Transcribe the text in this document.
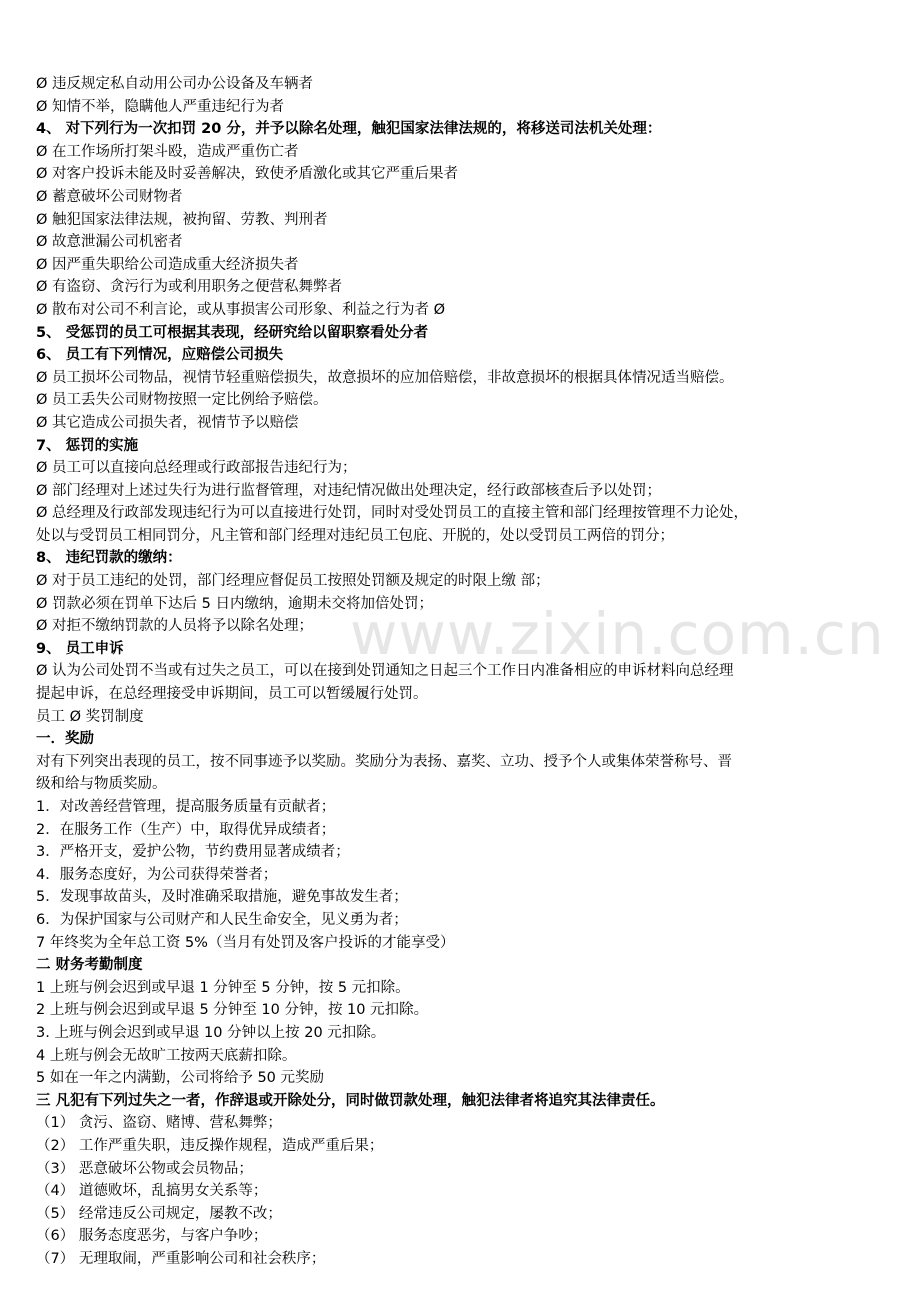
www.zixin.com.cn
Ø 违反规定私自动用公司办公设备及车辆者
Ø 知情不举，隐瞒他人严重违纪行为者
4、 对下列行为一次扣罚 20 分，并予以除名处理，触犯国家法律法规的，将移送司法机关处理：
Ø 在工作场所打架斗殴，造成严重伤亡者
Ø 对客户投诉未能及时妥善解决，致使矛盾激化或其它严重后果者
Ø 蓄意破坏公司财物者
Ø 触犯国家法律法规，被拘留、劳教、判刑者
Ø 故意泄漏公司机密者
Ø 因严重失职给公司造成重大经济损失者
Ø 有盗窃、贪污行为或利用职务之便营私舞弊者
Ø 散布对公司不利言论，或从事损害公司形象、利益之行为者 Ø
5、 受惩罚的员工可根据其表现，经研究给以留职察看处分者
6、 员工有下列情况，应赔偿公司损失
Ø 员工损坏公司物品，视情节轻重赔偿损失，故意损坏的应加倍赔偿，非故意损坏的根据具体情况适当赔偿。
Ø 员工丢失公司财物按照一定比例给予赔偿。
Ø 其它造成公司损失者，视情节予以赔偿
7、 惩罚的实施
Ø 员工可以直接向总经理或行政部报告违纪行为；
Ø 部门经理对上述过失行为进行监督管理，对违纪情况做出处理决定，经行政部核查后予以处罚；
Ø 总经理及行政部发现违纪行为可以直接进行处罚，同时对受处罚员工的直接主管和部门经理按管理不力论处，
处以与受罚员工相同罚分，凡主管和部门经理对违纪员工包庇、开脱的，处以受罚员工两倍的罚分；
8、 违纪罚款的缴纳：
Ø 对于员工违纪的处罚，部门经理应督促员工按照处罚额及规定的时限上缴 部；
Ø 罚款必须在罚单下达后 5 日内缴纳，逾期未交将加倍处罚；
Ø 对拒不缴纳罚款的人员将予以除名处理；
9、 员工申诉
Ø 认为公司处罚不当或有过失之员工，可以在接到处罚通知之日起三个工作日内准备相应的申诉材料向总经理
提起申诉，在总经理接受申诉期间，员工可以暂缓履行处罚。
员工 Ø 奖罚制度
一．奖励
对有下列突出表现的员工，按不同事迹予以奖励。奖励分为表扬、嘉奖、立功、授予个人或集体荣誉称号、晋
级和给与物质奖励。
1．对改善经营管理，提高服务质量有贡献者；
2．在服务工作（生产）中，取得优异成绩者；
3．严格开支，爱护公物，节约费用显著成绩者；
4．服务态度好，为公司获得荣誉者；
5．发现事故苗头，及时准确采取措施，避免事故发生者；
6．为保护国家与公司财产和人民生命安全，见义勇为者；
7 年终奖为全年总工资 5%（当月有处罚及客户投诉的才能享受）
二 财务考勤制度
1 上班与例会迟到或早退 1 分钟至 5 分钟，按 5 元扣除。
2 上班与例会迟到或早退 5 分钟至 10 分钟，按 10 元扣除。
3. 上班与例会迟到或早退 10 分钟以上按 20 元扣除。
4 上班与例会无故旷工按两天底薪扣除。
5 如在一年之内满勤，公司将给予 50 元奖励
三 凡犯有下列过失之一者，作辞退或开除处分，同时做罚款处理，触犯法律者将追究其法律责任。
（1） 贪污、盗窃、赌博、营私舞弊；
（2） 工作严重失职，违反操作规程，造成严重后果；
（3） 恶意破坏公物或会员物品；
（4） 道德败坏，乱搞男女关系等；
（5） 经常违反公司规定，屡教不改；
（6） 服务态度恶劣，与客户争吵；
（7） 无理取闹，严重影响公司和社会秩序；
